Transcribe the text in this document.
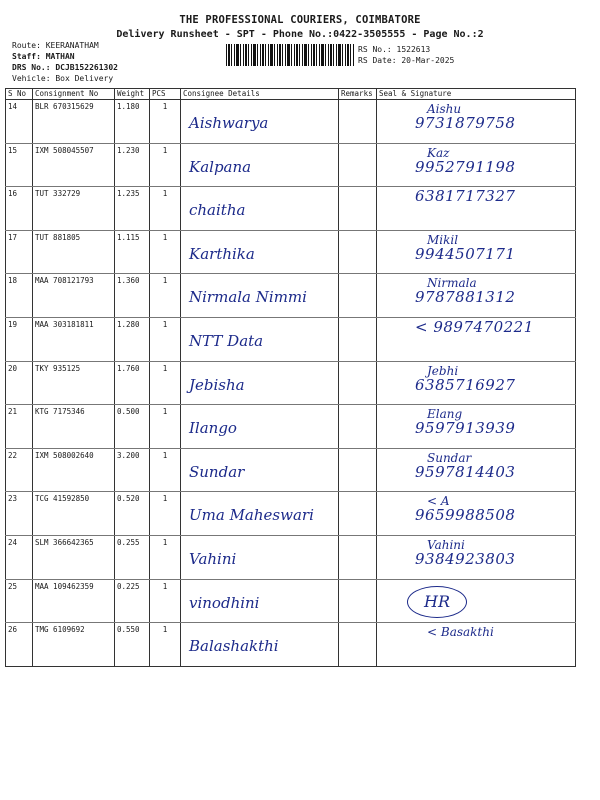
THE PROFESSIONAL COURIERS, COIMBATORE
Delivery Runsheet - SPT - Phone No.:0422-3505555 - Page No.:2
Route: KEERANATHAM
Staff: MATHAN
DRS No.: DCJB152261302
Vehicle: Box Delivery
RS No.: 1522613
RS Date: 20-Mar-2025
S No	Consignment No	Weight	PCS	Consignee Details	Remarks	Seal & Signature
14	BLR 670315629	1.180	1	Aishwarya		Aishu
9731879758

15	IXM 508045507	1.230	1	Kalpana		Kaz
9952791198

16	TUT 332729	1.235	1	chaitha		6381717327

17	TUT 881805	1.115	1	Karthika		Mikil
9944507171

18	MAA 708121793	1.360	1	Nirmala Nimmi		Nirmala
9787881312

19	MAA 303181811	1.280	1	NTT Data		< 9897470221

20	TKY 935125	1.760	1	Jebisha		Jebhi
6385716927

21	KTG 7175346	0.500	1	Ilango		Elang
9597913939

22	IXM 508002640	3.200	1	Sundar		Sundar
9597814403

23	TCG 41592850	0.520	1	Uma Maheswari		< A
9659988508

24	SLM 366642365	0.255	1	Vahini		Vahini
9384923803

25	MAA 109462359	0.225	1	vinodhini		HR
26	TMG 6109692	0.550	1	Balashakthi		< Basakthi
